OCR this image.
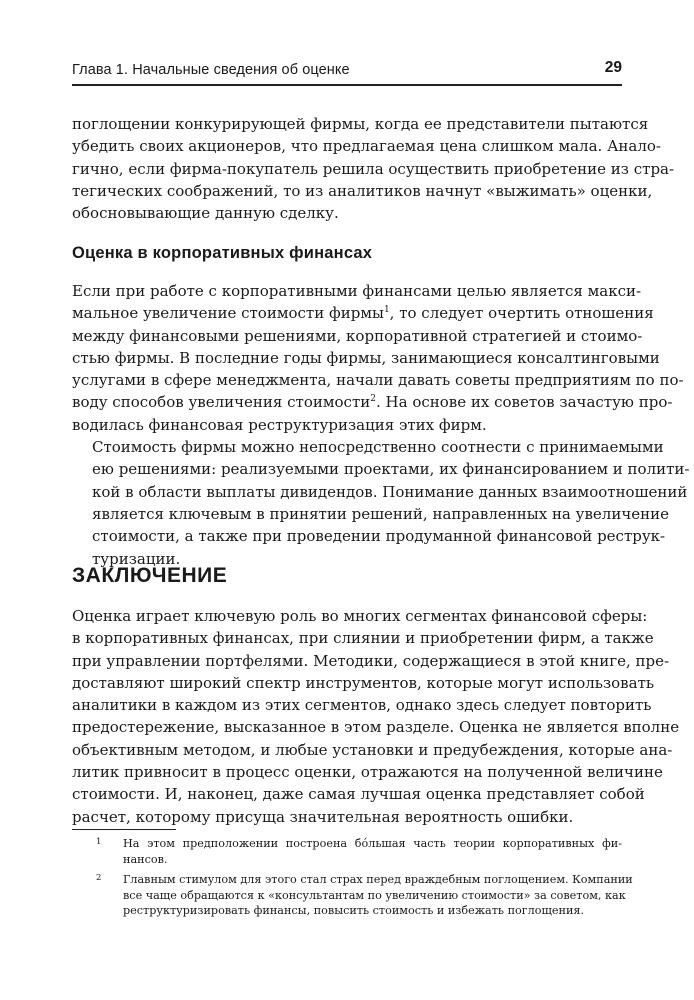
Глава 1. Начальные сведения об оценке	29

поглощении конкурирующей фирмы, когда ее представители пытаются
убедить своих акционеров, что предлагаемая цена слишком мала. Анало-
гично, если фирма-покупатель решила осуществить приобретение из стра-
тегических соображений, то из аналитиков начнут «выжимать» оценки,
обосновывающие данную сделку.

Оценка в корпоративных финансах

Если при работе с корпоративными финансами целью является макси-
мальное увеличение стоимости фирмы$^1$, то следует очертить отношения
между финансовыми решениями, корпоративной стратегией и стоимо-
стью фирмы. В последние годы фирмы, занимающиеся консалтинговыми
услугами в сфере менеджмента, начали давать советы предприятиям по по-
воду способов увеличения стоимости$^2$. На основе их советов зачастую про-
водилась финансовая реструктуризация этих фирм.

Стоимость фирмы можно непосредственно соотнести с принимаемыми
ею решениями: реализуемыми проектами, их финансированием и полити-
кой в области выплаты дивидендов. Понимание данных взаимоотношений
является ключевым в принятии решений, направленных на увеличение
стоимости, а также при проведении продуманной финансовой реструк-
туризации.

ЗАКЛЮЧЕНИЕ

Оценка играет ключевую роль во многих сегментах финансовой сферы:
в корпоративных финансах, при слиянии и приобретении фирм, а также
при управлении портфелями. Методики, содержащиеся в этой книге, пре-
доставляют широкий спектр инструментов, которые могут использовать
аналитики в каждом из этих сегментов, однако здесь следует повторить
предостережение, высказанное в этом разделе. Оценка не является вполне
объективным методом, и любые установки и предубеждения, которые ана-
литик привносит в процесс оценки, отражаются на полученной величине
стоимости. И, наконец, даже самая лучшая оценка представляет собой
расчет, которому присуща значительная вероятность ошибки.

1 На этом предположении построена бóльшая часть теории корпоративных фи-
нансов.
2 Главным стимулом для этого стал страх перед враждебным поглощением. Компании
все чаще обращаются к «консультантам по увеличению стоимости» за советом, как
реструктуризировать финансы, повысить стоимость и избежать поглощения.
